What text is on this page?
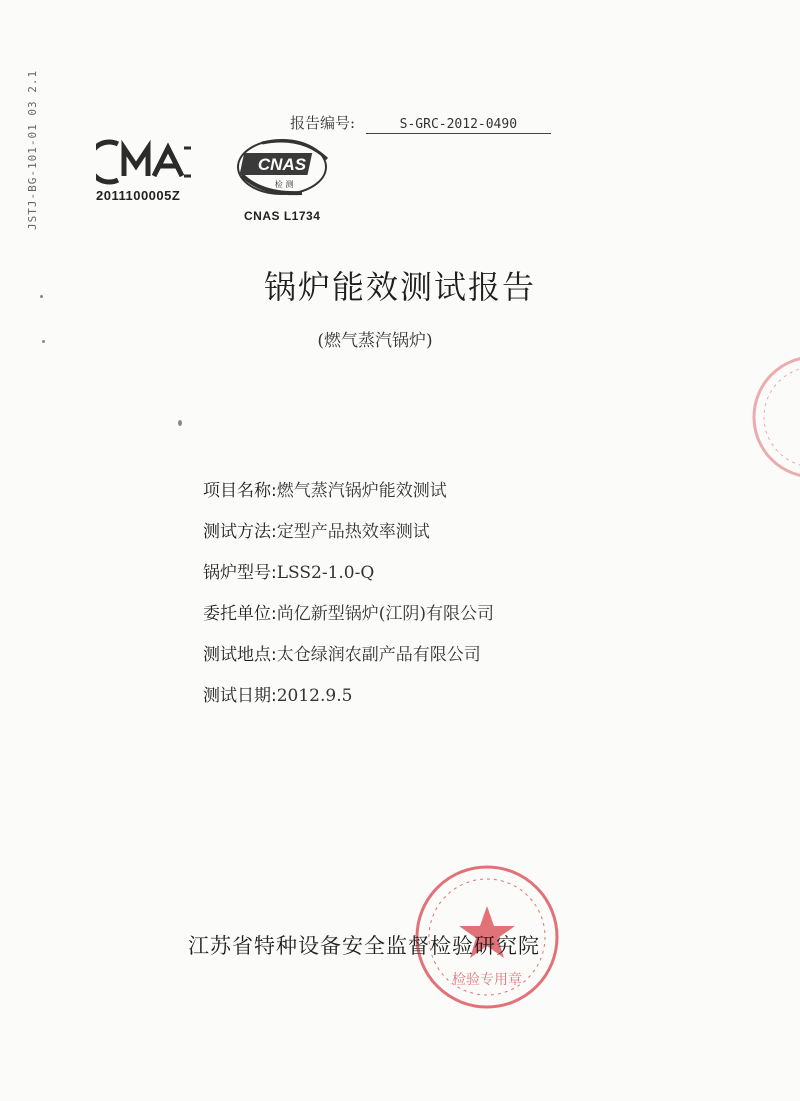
JSTJ-BG-101-01 03 2.1	报告编号:	S-GRC-2012-0490
2011100005Z
CNAS
检 测
CNAS L1734
锅炉能效测试报告
(燃气蒸汽锅炉)
项目名称:燃气蒸汽锅炉能效测试
测试方法:定型产品热效率测试
锅炉型号:LSS2-1.0-Q
委托单位:尚亿新型锅炉(江阴)有限公司
测试地点:太仓绿润农副产品有限公司
测试日期:2012.9.5
检验专用章
江苏省特种设备安全监督检验研究院
